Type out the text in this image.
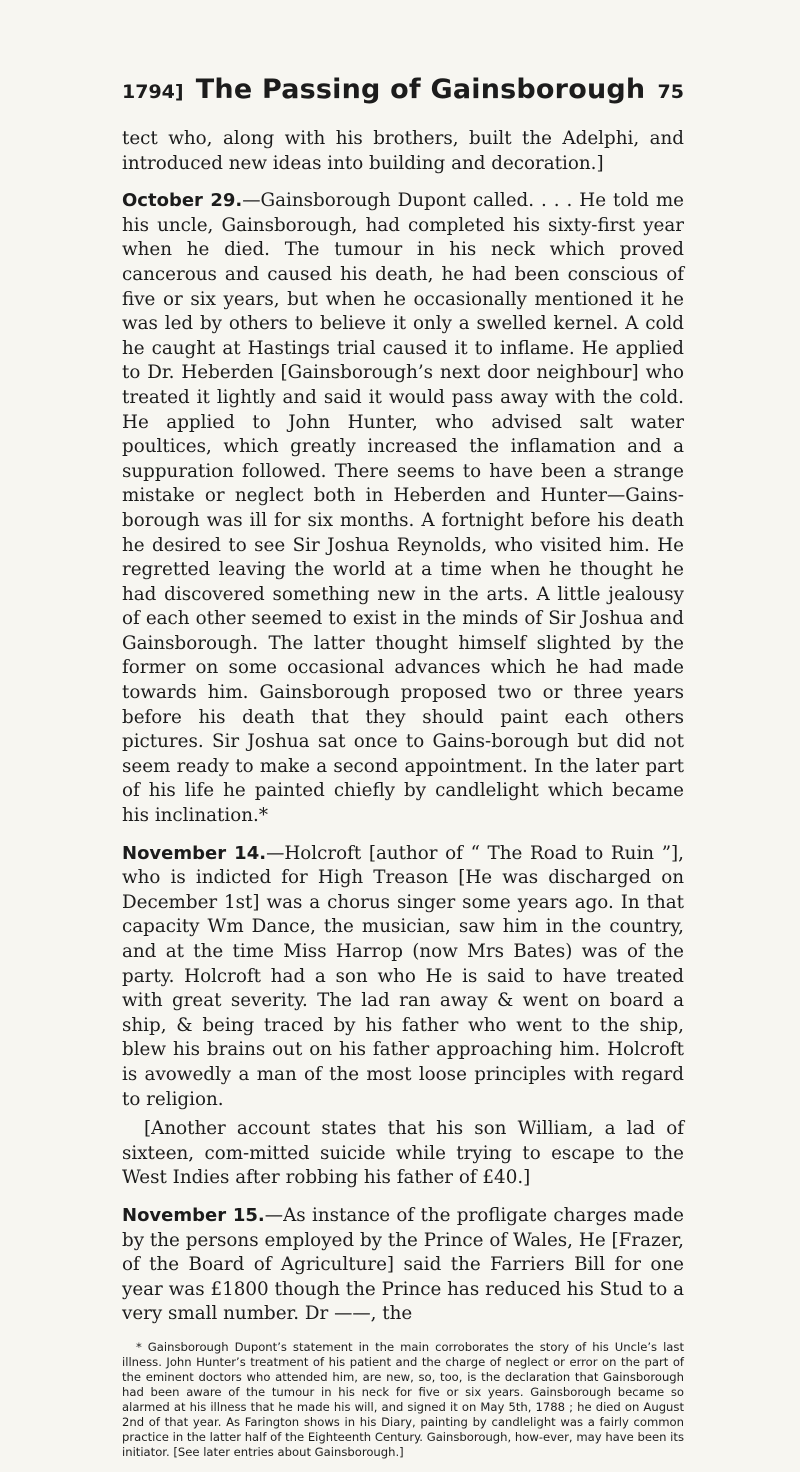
1794] The Passing of Gainsborough 75

tect who, along with his brothers, built the Adelphi, and introduced new ideas into building and decoration.]

October 29.—Gainsborough Dupont called. . . . He told me his uncle, Gainsborough, had completed his sixty-first year when he died. The tumour in his neck which proved cancerous and caused his death, he had been conscious of five or six years, but when he occasionally mentioned it he was led by others to believe it only a swelled kernel. A cold he caught at Hastings trial caused it to inflame. He applied to Dr. Heberden [Gainsborough’s next door neighbour] who treated it lightly and said it would pass away with the cold. He applied to John Hunter, who advised salt water poultices, which greatly increased the inflamation and a suppuration followed. There seems to have been a strange mistake or neglect both in Heberden and Hunter—Gains-borough was ill for six months. A fortnight before his death he desired to see Sir Joshua Reynolds, who visited him. He regretted leaving the world at a time when he thought he had discovered something new in the arts. A little jealousy of each other seemed to exist in the minds of Sir Joshua and Gainsborough. The latter thought himself slighted by the former on some occasional advances which he had made towards him. Gainsborough proposed two or three years before his death that they should paint each others pictures. Sir Joshua sat once to Gains-borough but did not seem ready to make a second appointment. In the later part of his life he painted chiefly by candlelight which became his inclination.*

November 14.—Holcroft [author of “ The Road to Ruin ”], who is indicted for High Treason [He was discharged on December 1st] was a chorus singer some years ago. In that capacity Wm Dance, the musician, saw him in the country, and at the time Miss Harrop (now Mrs Bates) was of the party. Holcroft had a son who He is said to have treated with great severity. The lad ran away & went on board a ship, & being traced by his father who went to the ship, blew his brains out on his father approaching him. Holcroft is avowedly a man of the most loose principles with regard to religion.

[Another account states that his son William, a lad of sixteen, com-mitted suicide while trying to escape to the West Indies after robbing his father of £40.]

November 15.—As instance of the profligate charges made by the persons employed by the Prince of Wales, He [Frazer, of the Board of Agriculture] said the Farriers Bill for one year was £1800 though the Prince has reduced his Stud to a very small number. Dr ——, the

* Gainsborough Dupont’s statement in the main corroborates the story of his Uncle’s last illness. John Hunter’s treatment of his patient and the charge of neglect or error on the part of the eminent doctors who attended him, are new, so, too, is the declaration that Gainsborough had been aware of the tumour in his neck for five or six years. Gainsborough became so alarmed at his illness that he made his will, and signed it on May 5th, 1788 ; he died on August 2nd of that year. As Farington shows in his Diary, painting by candlelight was a fairly common practice in the latter half of the Eighteenth Century. Gainsborough, how-ever, may have been its initiator. [See later entries about Gainsborough.]
